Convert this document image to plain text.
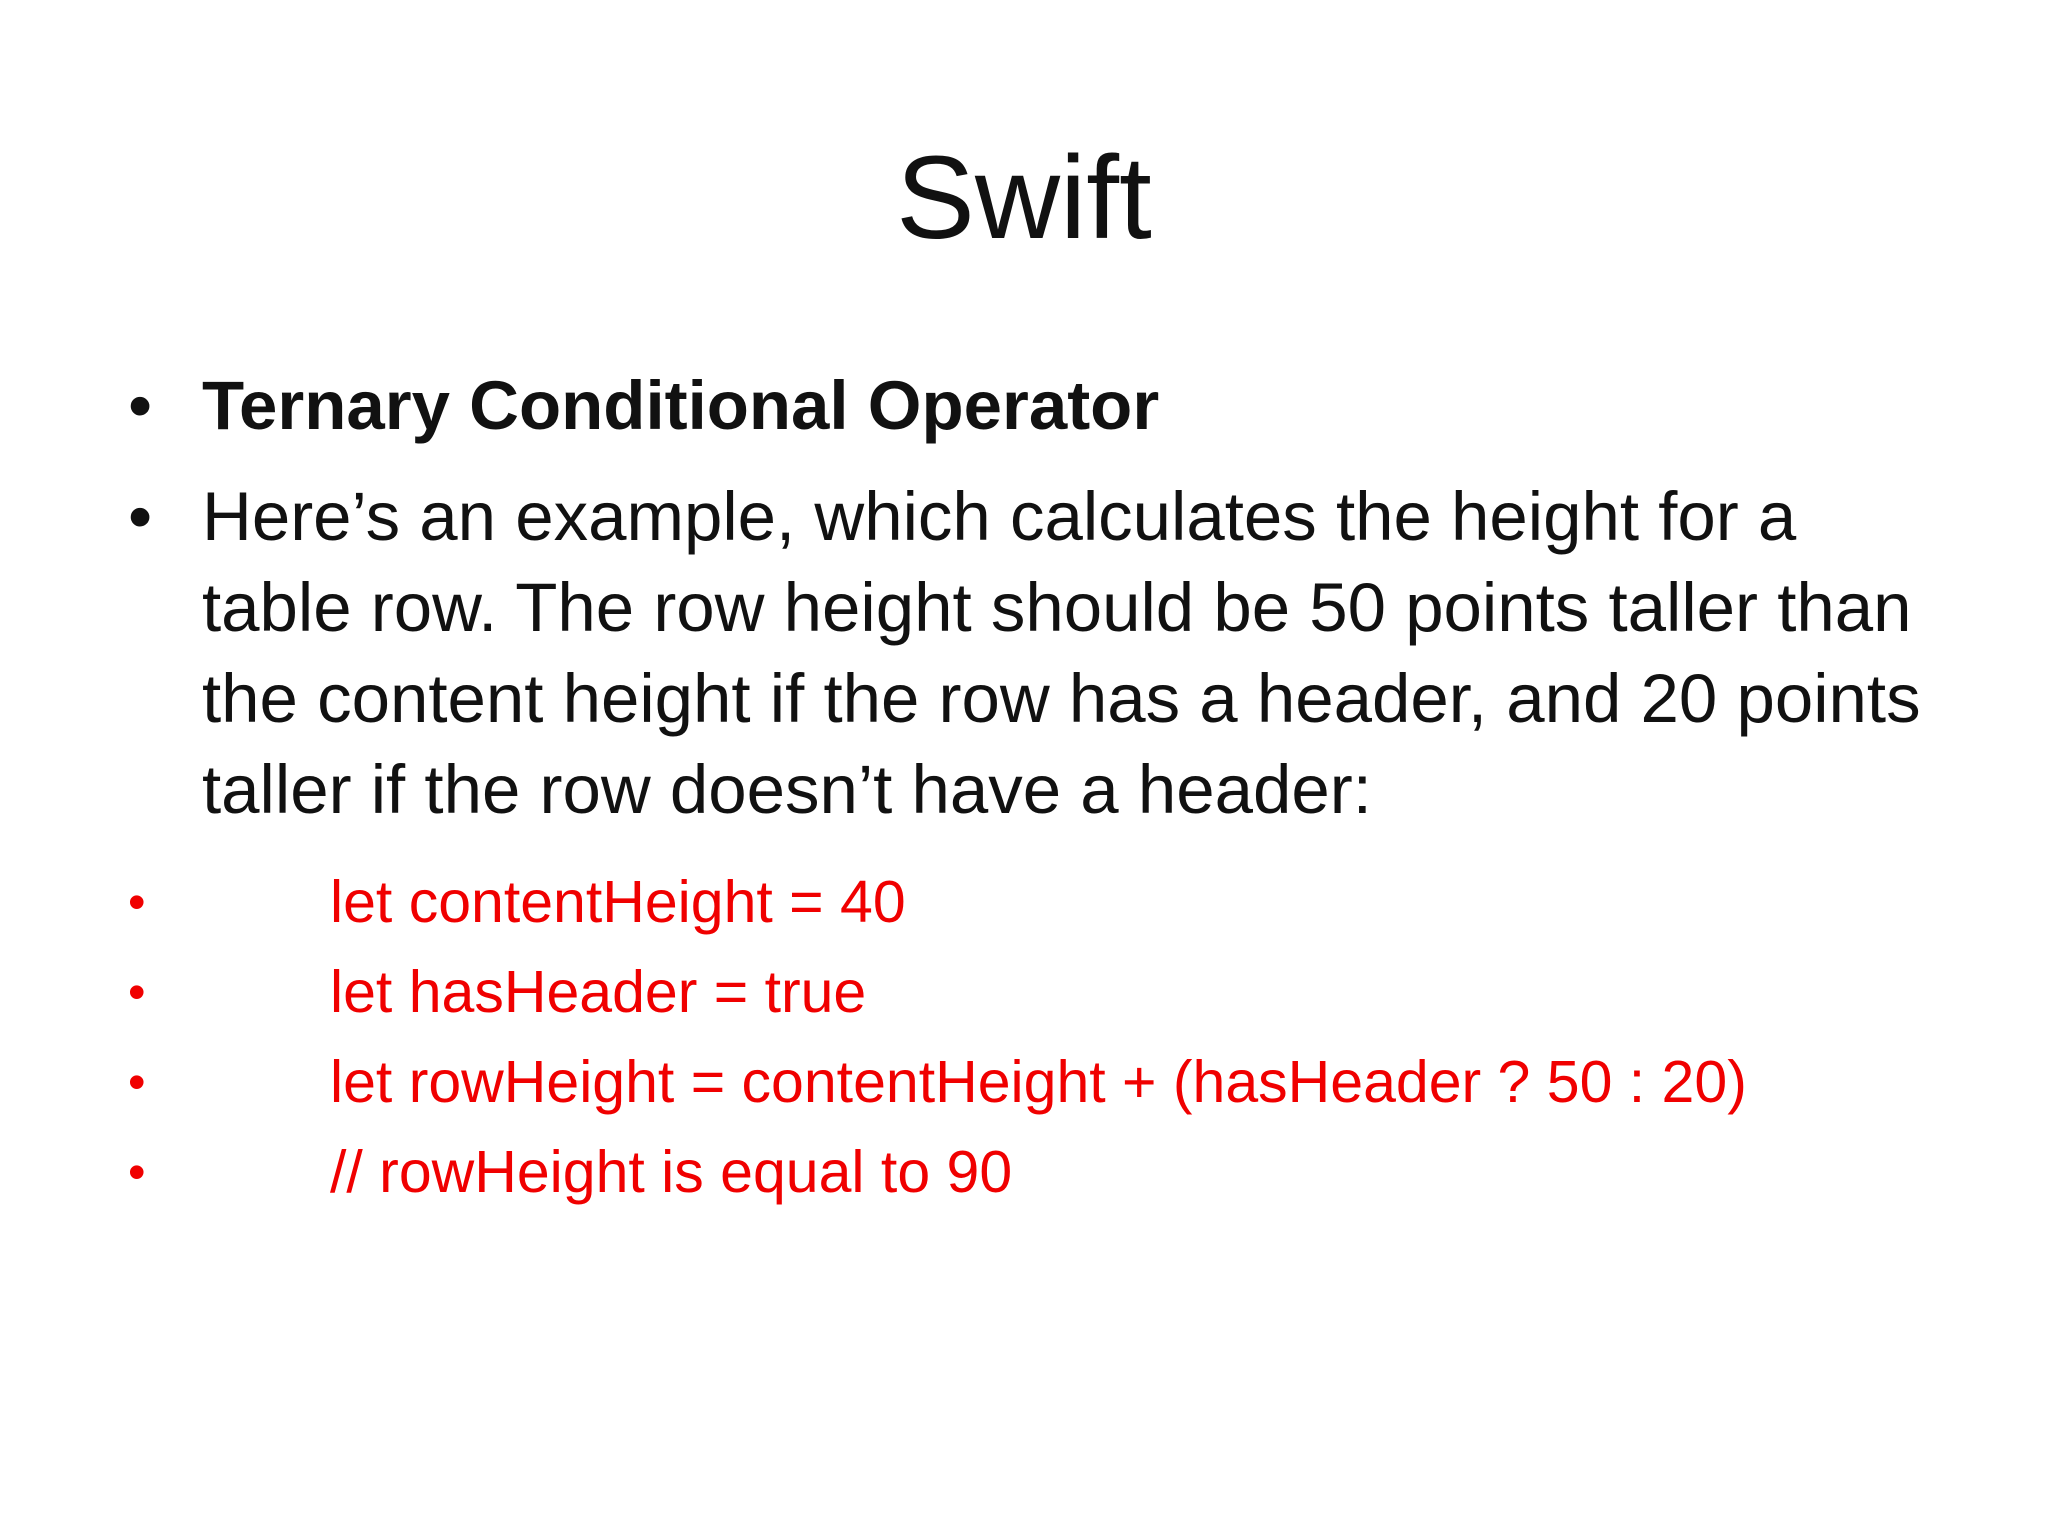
Swift
• Ternary Conditional Operator
• Here’s an example, which calculates the height for a table row. The row height should be 50 points taller than the content height if the row has a header, and 20 points taller if the row doesn’t have a header:
•	let contentHeight = 40
•	let hasHeader = true
•	let rowHeight = contentHeight + (hasHeader ? 50 : 20)
•	// rowHeight is equal to 90
